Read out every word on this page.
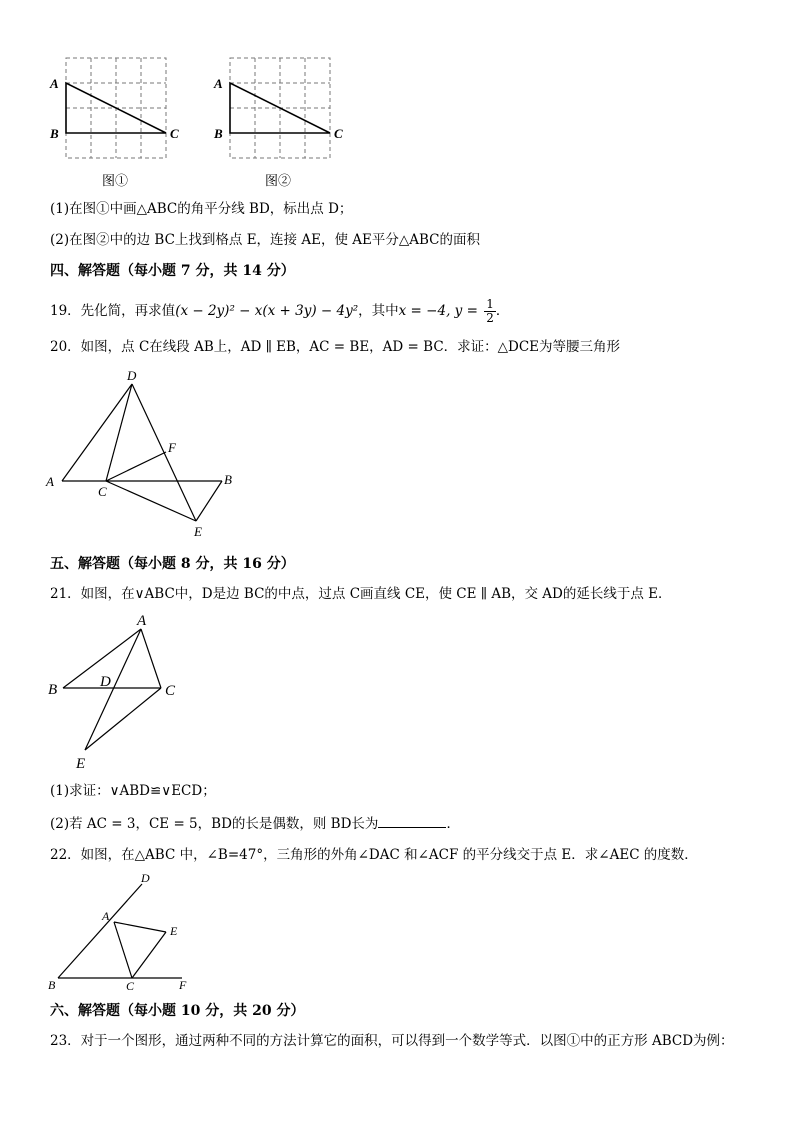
A
B	C
图①
A
B	C
图②
(1)在图①中画△ABC的角平分线 BD，标出点 D；
(2)在图②中的边 BC上找到格点 E，连接 AE，使 AE平分△ABC的面积
四、解答题（每小题 7 分，共 14 分）
19．先化简，再求值(x − 2y)² − x(x + 3y) − 4y²，其中x = −4, $y = \frac{1}{2}$ ．
20．如图，点 C在线段 AB上，AD ∥ EB，AC = BE，AD = BC．求证：△DCE为等腰三角形
A	B
C
D
E
F
五、解答题（每小题 8 分，共 16 分）
21．如图，在∨ABC中，D是边 BC的中点，过点 C画直线 CE，使 CE ∥ AB，交 AD的延长线于点 E．
B	C
A
D
E
(1)求证：∨ABD≌∨ECD；
(2)若 AC = 3，CE = 5，BD的长是偶数，则 BD长为	．
22．如图，在△ABC 中，∠B=47°，三角形的外角∠DAC 和∠ACF 的平分线交于点 E．求∠AEC 的度数．
B	C	F
A
E
D
六、解答题（每小题 10 分，共 20 分）
23．对于一个图形，通过两种不同的方法计算它的面积，可以得到一个数学等式．以图①中的正方形 ABCD为例：
